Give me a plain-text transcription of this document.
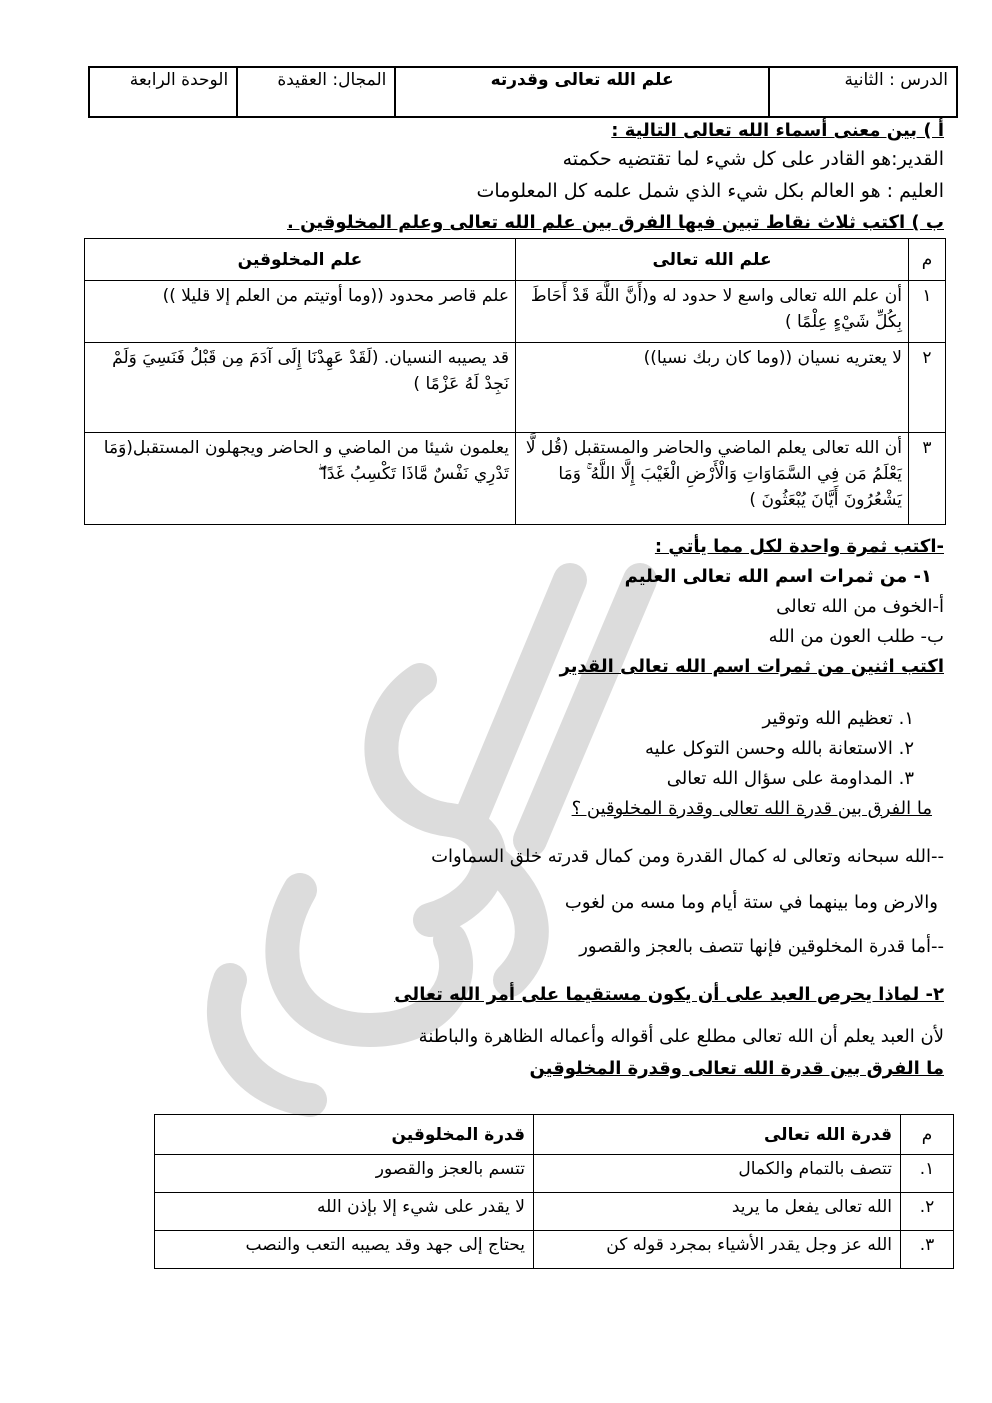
الدرس : الثانية	علم الله تعالى وقدرته	المجال: العقيدة	الوحدة الرابعة
أ ) بين معنى أسماء الله تعالى التالية :
القدير:هو القادر على كل شيء لما تقتضيه حكمته
العليم : هو العالم بكل شيء الذي شمل علمه كل المعلومات
ب ) اكتب ثلاث نقاط تبين فيها الفرق بين علم الله تعالى وعلم المخلوقين .
م	علم الله تعالى	علم المخلوقين
١	أن علم الله تعالى واسع لا حدود له و(أَنَّ اللَّهَ قَدْ أَحَاطَ بِكُلِّ شَيْءٍ عِلْمًا )	علم قاصر محدود ((وما أوتيتم من العلم إلا قليلا ))
٢	لا يعتريه نسيان ((وما كان ربك نسيا))	قد يصيبه النسيان. (لَقَدْ عَهِدْنَا إِلَى آدَمَ مِن قَبْلُ فَنَسِيَ وَلَمْ نَجِدْ لَهُ عَزْمًا )
٣	أن الله تعالى يعلم الماضي والحاضر والمستقبل (قُل لَّا يَعْلَمُ مَن فِي السَّمَاوَاتِ وَالْأَرْضِ الْغَيْبَ إِلَّا اللَّهُ ۚ وَمَا يَشْعُرُونَ أَيَّانَ يُبْعَثُونَ )	يعلمون شيئا من الماضي و الحاضر ويجهلون المستقبل(وَمَا تَدْرِي نَفْسٌ مَّاذَا تَكْسِبُ غَدًا ۖ
-اكتب ثمرة واحدة لكل مما يأتي :
١- من ثمرات اسم الله تعالى العليم
أ-الخوف من الله تعالى
ب- طلب العون من الله
اكتب اثنين من ثمرات اسم الله تعالى القدير
١. تعظيم الله وتوقير
٢. الاستعانة بالله وحسن التوكل عليه
٣. المداومة على سؤال الله تعالى
ما الفرق بين قدرة الله تعالى وقدرة المخلوقين ؟
--الله سبحانه وتعالى له كمال القدرة ومن كمال قدرته خلق السماوات
والارض وما بينهما في ستة أيام وما مسه من لغوب
--أما قدرة المخلوقين فإنها تتصف بالعجز والقصور
٢- لماذا يحرص العبد على أن يكون مستقيما على أمر الله تعالى
لأن العبد يعلم أن الله تعالى مطلع على أقواله وأعماله الظاهرة والباطنة
ما الفرق بين قدرة الله تعالى وقدرة المخلوقين
م	قدرة الله تعالى	قدرة المخلوقين
١.	تتصف بالتمام والكمال	تتسم بالعجز والقصور
٢.	الله تعالى يفعل ما يريد	لا يقدر على شيء إلا بإذن الله
٣.	الله عز وجل يقدر الأشياء بمجرد قوله كن	يحتاج إلى جهد وقد يصيبه التعب والنصب
